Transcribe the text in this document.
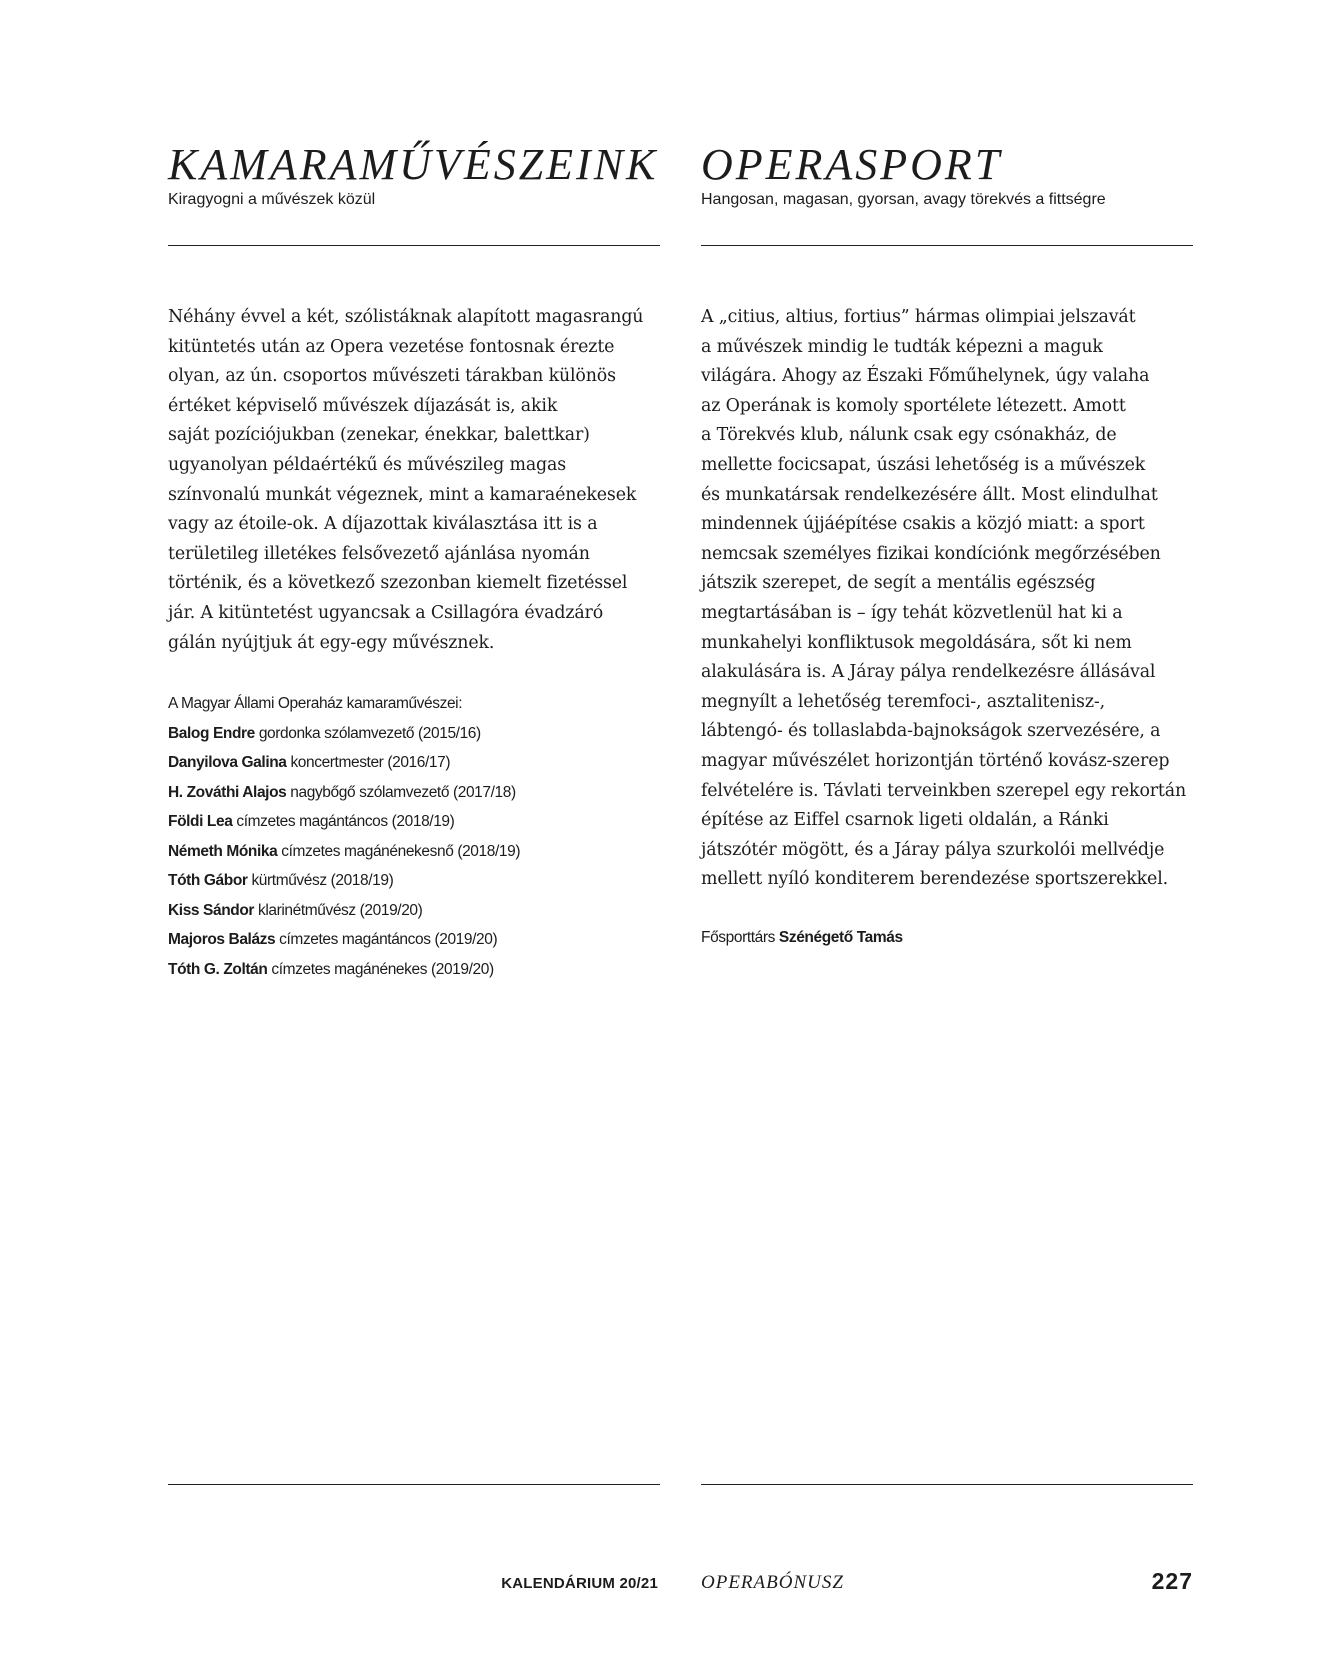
KAMARAMŰVÉSZEINK

Kiragyogni a művészek közül

Néhány évvel a két, szólistáknak alapított magasrangú
kitüntetés után az Opera vezetése fontosnak érezte
olyan, az ún. csoportos művészeti tárakban különös
értéket képviselő művészek díjazását is, akik
saját pozíciójukban (zenekar, énekkar, balettkar)
ugyanolyan példaértékű és művészileg magas
színvonalú munkát végeznek, mint a kamaraénekesek
vagy az étoile-ok. A díjazottak kiválasztása itt is a
területileg illetékes felsővezető ajánlása nyomán
történik, és a következő szezonban kiemelt fizetéssel
jár. A kitüntetést ugyancsak a Csillagóra évadzáró
gálán nyújtjuk át egy-egy művésznek.
A Magyar Állami Operaház kamaraművészei:
Balog Endre gordonka szólamvezető (2015/16)
Danyilova Galina koncertmester (2016/17)
H. Zováthi Alajos nagybőgő szólamvezető (2017/18)
Földi Lea címzetes magántáncos (2018/19)
Németh Mónika címzetes magánénekesnő (2018/19)
Tóth Gábor kürtművész (2018/19)
Kiss Sándor klarinétművész (2019/20)
Majoros Balázs címzetes magántáncos (2019/20)
Tóth G. Zoltán címzetes magánénekes (2019/20)
OPERASPORT

Hangosan, magasan, gyorsan, avagy törekvés a fittségre

A „citius, altius, fortius” hármas olimpiai jelszavát
a művészek mindig le tudták képezni a maguk
világára. Ahogy az Északi Főműhelynek, úgy valaha
az Operának is komoly sportélete létezett. Amott
a Törekvés klub, nálunk csak egy csónakház, de
mellette focicsapat, úszási lehetőség is a művészek
és munkatársak rendelkezésére állt. Most elindulhat
mindennek újjáépítése csakis a közjó miatt: a sport
nemcsak személyes fizikai kondíciónk megőrzésében
játszik szerepet, de segít a mentális egészség
megtartásában is – így tehát közvetlenül hat ki a
munkahelyi konfliktusok megoldására, sőt ki nem
alakulására is. A Járay pálya rendelkezésre állásával
megnyílt a lehetőség teremfoci-, asztalitenisz-,
lábtengó- és tollaslabda-bajnokságok szervezésére, a
magyar művészélet horizontján történő kovász-szerep
felvételére is. Távlati terveinkben szerepel egy rekortán
építése az Eiffel csarnok ligeti oldalán, a Ránki
játszótér mögött, és a Járay pálya szurkolói mellvédje
mellett nyíló konditerem berendezése sportszerekkel.

Fősporttárs Szénégető Tamás

KALENDÁRIUM 20/21 OPERABÓNUSZ	227
